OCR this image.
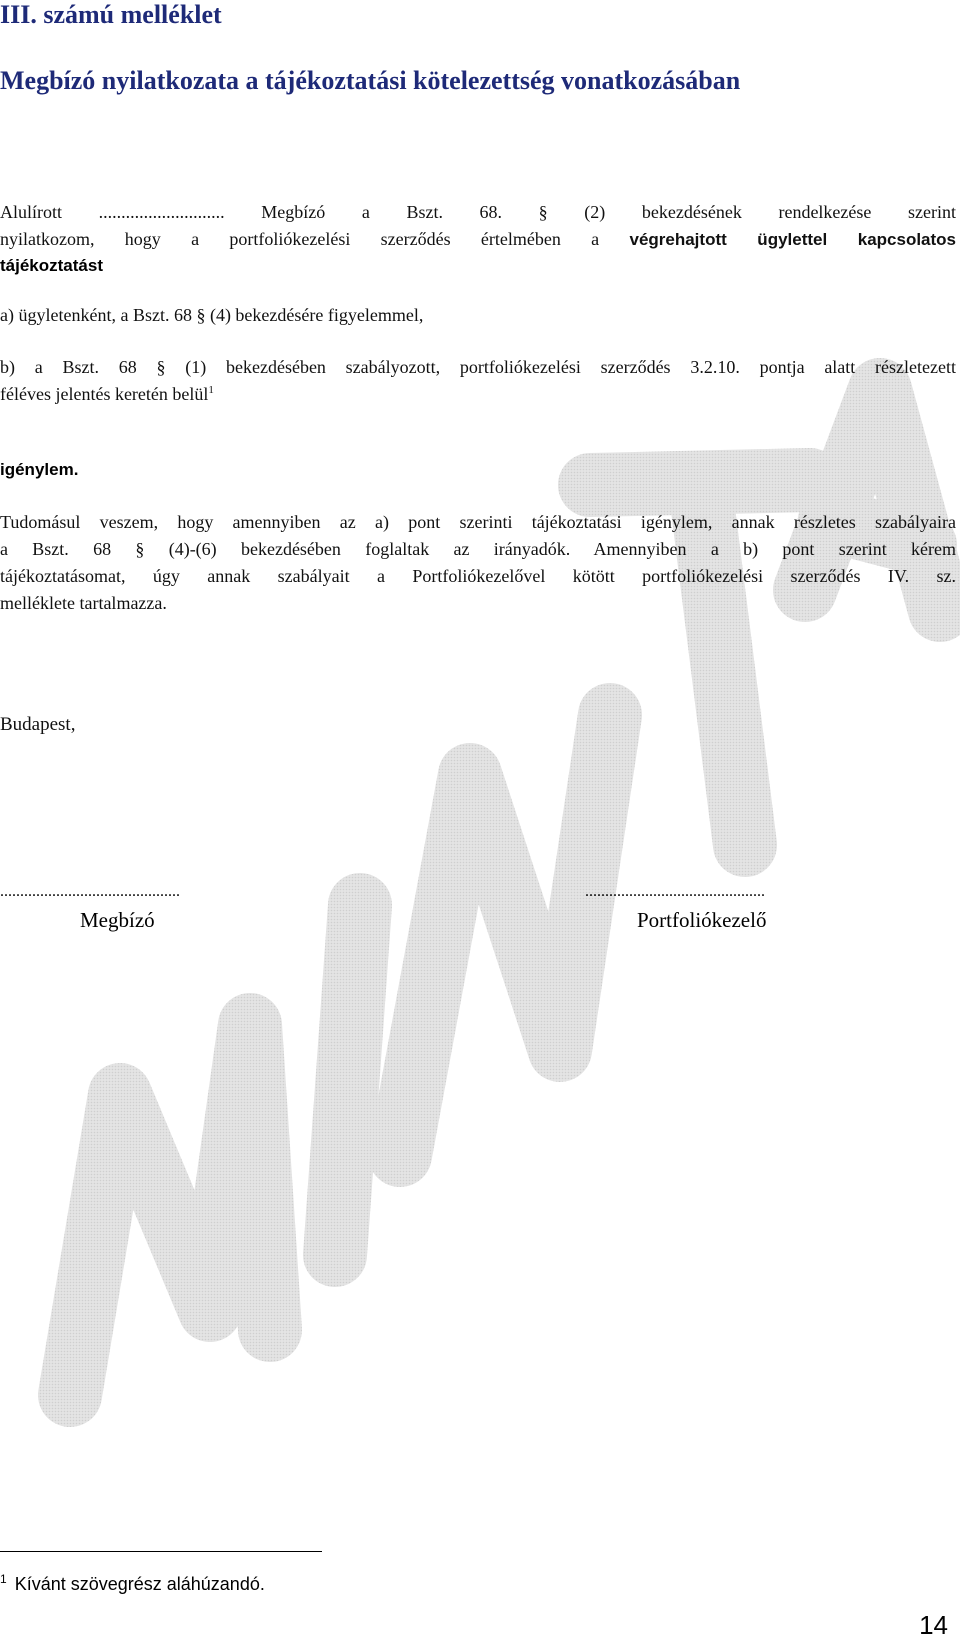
III. számú melléklet
Megbízó nyilatkozata a tájékoztatási kötelezettség vonatkozásában
Alulírott ............................ Megbízó a Bszt. 68. § (2) bekezdésének rendelkezése szerint
nyilatkozom, hogy a portfoliókezelési szerződés értelmében a végrehajtott ügylettel kapcsolatos
tájékoztatást
a) ügyletenként, a Bszt. 68 § (4) bekezdésére figyelemmel,
b) a Bszt. 68 § (1) bekezdésében szabályozott, portfoliókezelési szerződés 3.2.10. pontja alatt részletezett
féléves jelentés keretén belül$^1$
igénylem.
Tudomásul veszem, hogy amennyiben az a) pont szerinti tájékoztatási igénylem, annak részletes szabályaira
a Bszt. 68 § (4)-(6) bekezdésében foglaltak az irányadók. Amennyiben a b) pont szerint kérem
tájékoztatásomat, úgy annak szabályait a Portfoliókezelővel kötött portfoliókezelési szerződés IV. sz.
melléklete tartalmazza.
Budapest,
.............................................
Megbízó
.............................................
Portfoliókezelő
$^1$ Kívánt szövegrész aláhúzandó.
14
